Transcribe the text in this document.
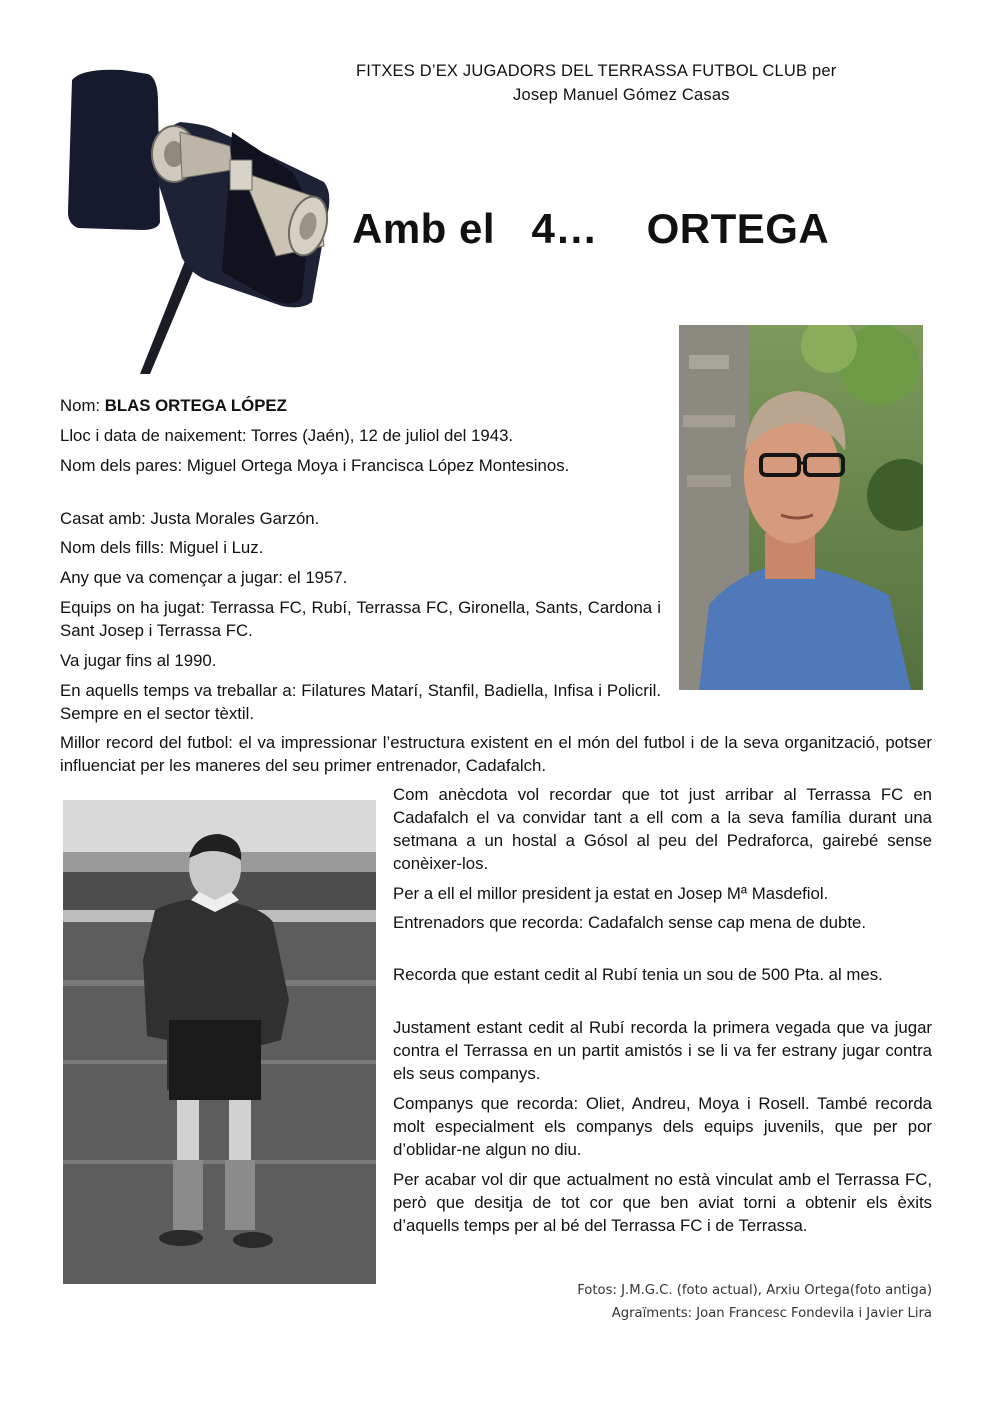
FITXES D’EX JUGADORS DEL TERRASSA FUTBOL CLUB per
Josep Manuel Gómez Casas
Amb el   4…    ORTEGA

Nom: BLAS ORTEGA LÓPEZ

Lloc i data de naixement: Torres (Jaén), 12 de juliol del 1943.

Nom dels pares: Miguel Ortega Moya i Francisca López Montesinos.

Casat amb: Justa Morales Garzón.

Nom dels fills: Miguel i Luz.

Any que va començar a jugar: el 1957.

Equips on ha jugat: Terrassa FC, Rubí, Terrassa FC, Gironella, Sants, Cardona i Sant Josep i Terrassa FC.

Va jugar fins al 1990.

En aquells temps va treballar a: Filatures Matarí, Stanfil, Badiella, Infisa i Policril. Sempre en el sector tèxtil.

Millor record del futbol: el va impressionar l’estructura existent en el món del futbol i de la seva organització, potser influenciat per les maneres del seu primer entrenador, Cadafalch.

Com anècdota vol recordar que tot just arribar al Terrassa FC en Cadafalch el va convidar tant a ell com a la seva família durant una setmana a un hostal a Gósol al peu del Pedraforca, gairebé sense conèixer-los.

Per a ell el millor president ja estat en Josep Mª Masdefiol.

Entrenadors que recorda: Cadafalch sense cap mena de dubte.

Recorda que estant cedit al Rubí tenia un sou de 500 Pta. al mes.

Justament estant cedit al Rubí recorda la primera vegada que va jugar contra el Terrassa en un partit amistós i se li va fer estrany jugar contra els seus companys.

Companys que recorda: Oliet, Andreu, Moya i Rosell. També recorda molt especialment els companys dels equips juvenils, que per por d’oblidar-ne algun no diu.

Per acabar vol dir que actualment no està vinculat amb el Terrassa FC, però que desitja de tot cor que ben aviat torni a obtenir els èxits d’aquells temps per al bé del Terrassa FC i de Terrassa.

Fotos: J.M.G.C. (foto actual), Arxiu Ortega(foto antiga)
Agraïments: Joan Francesc Fondevila i Javier Lira
